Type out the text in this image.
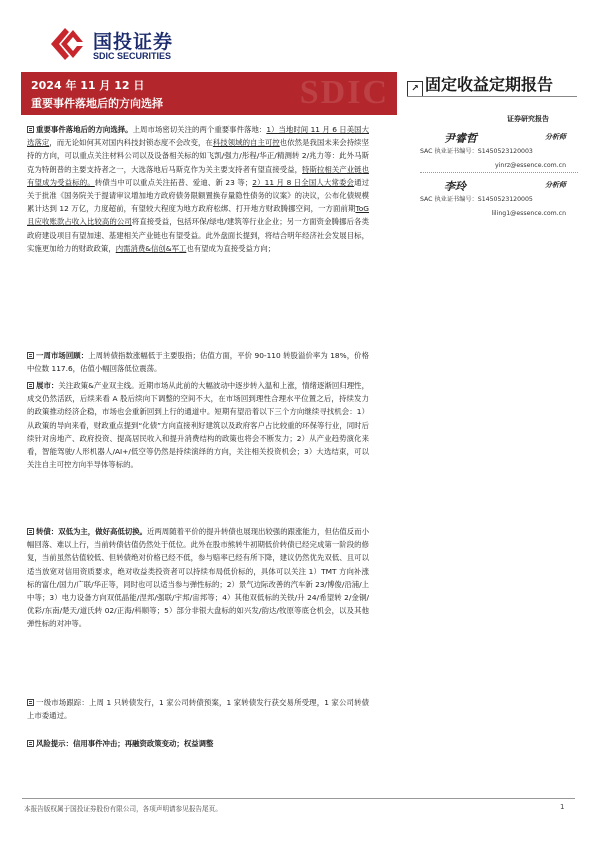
国投证券
SDIC SECURITIES
SDIC
2024 年 11 月 12 日
重要事件落地后的方向选择
↗ 固定收益定期报告
证券研究报告
尹睿哲	分析师
SAC 执业证书编号：S1450523120003
yinrz@essence.com.cn
李玲	分析师
SAC 执业证书编号：S1450523120005
liling1@essence.com.cn

重要事件落地后的方向选择。上周市场密切关注的两个重要事件落地：1）当地时间 11 月 6 日美国大选落定，而无论如何其对国内科技封锁态度不会改变，在科技领域的自主可控也依然是我国未来会持续坚持的方向，可以重点关注材料公司以及设备相关标的如飞凯/强力/彤程/华正/精测转 2/兆力等：此外马斯克为特朗普的主要支持者之一，大选落地后马斯克作为关主要支持者有望直接受益，特斯拉相关产业链也有望成为受益标的。转债当中可以重点关注拓普、爱迪、新 23 等；2）11 月 8 日全国人大常委会通过关于批准《国务院关于提请审议增加地方政府债务限额置换存量隐性债务的议案》的决议，公布化债规模累计达到 12 万亿，力度超前，有望较大程度为地方政府松绑、打开地方财政腾挪空间，一方面前期ToG 且应收账款占收入比较高的公司将直接受益，包括环保/绿电/建筑等行业企业；另一方面资金腾挪后各类政府建设项目有望加速、基建相关产业链也有望受益。此外盘面长提到，将结合明年经济社会发展目标，实施更加给力的财政政策，内需消费&信创&军工也有望成为直接受益方向；

一周市场回顾：上周转债指数涨幅低于主要股指；估值方面，平价 90-110 转股溢价率为 18%，价格中位数 117.6，估值小幅回落低位震荡。

展市：关注政策&产业双主线。近期市场从此前的大幅波动中逐步转入温和上涨，情绪逐渐回归理性，成交仍然活跃，后续来看 A 股后续向下调整的空间不大，在市场回到理性合理水平位置之后，持续发力的政策推动经济企稳，市场也会重新回到上行的通道中。短期有望沿着以下三个方向继续寻找机会：1）从政策的导向来看，财政重点提到“化债”方向直接利好建筑以及政府客户占比较重的环保等行业，同时后续针对房地产、政府投资、提高居民收入和提升消费结构的政策也将会不断发力；2）从产业趋势演化来看，智能驾驶/人形机器人/AI+/低空等仍然是持续演绎的方向，关注相关投资机会；3）大选结束，可以关注自主可控方向半导体等标的。

转债：双低为主，做好高低切换。近两周随着平价的提升转债也展现出较强的跟涨能力，但估值反而小幅回落、难以上行，当前转债估值仍然处于低位。此外在股市熊转牛初期低价转债已经完成第一阶段的修复，当前虽然估值较低、但转债绝对价格已经不低，参与赔率已经有所下降，建议仍然优先双低、且可以适当放宽对信用资质要求，绝对收益类投资者可以持续布局低价标的，具体可以关注 1）TMT 方向补涨标的富仕/国力/广联/华正等，同时也可以适当参与弹性标的；2）景气边际改善的汽车新 23/博俊/沿浦/上中等；3）电力设备方向双低晶能/涅邦/强联/宇邦/宙邦等；4）其他双低标的关铁/升 24/希望转 2/金铜/优彩/东南/楚天/道氏转 02/正海/科顺等；5）部分非银大盘标的如兴发/韵达/牧原等底仓机会，以及其他弹性标的对冲等。

一级市场跟踪：上周 1 只转债发行，1 家公司转债预案，1 家转债发行获交易所受理，1 家公司转债上市委通过。

风险提示：信用事件冲击；再融资政策变动；权益调整

本报告版权属于国投证券股份有限公司，各项声明请参见报告尾页。	1
